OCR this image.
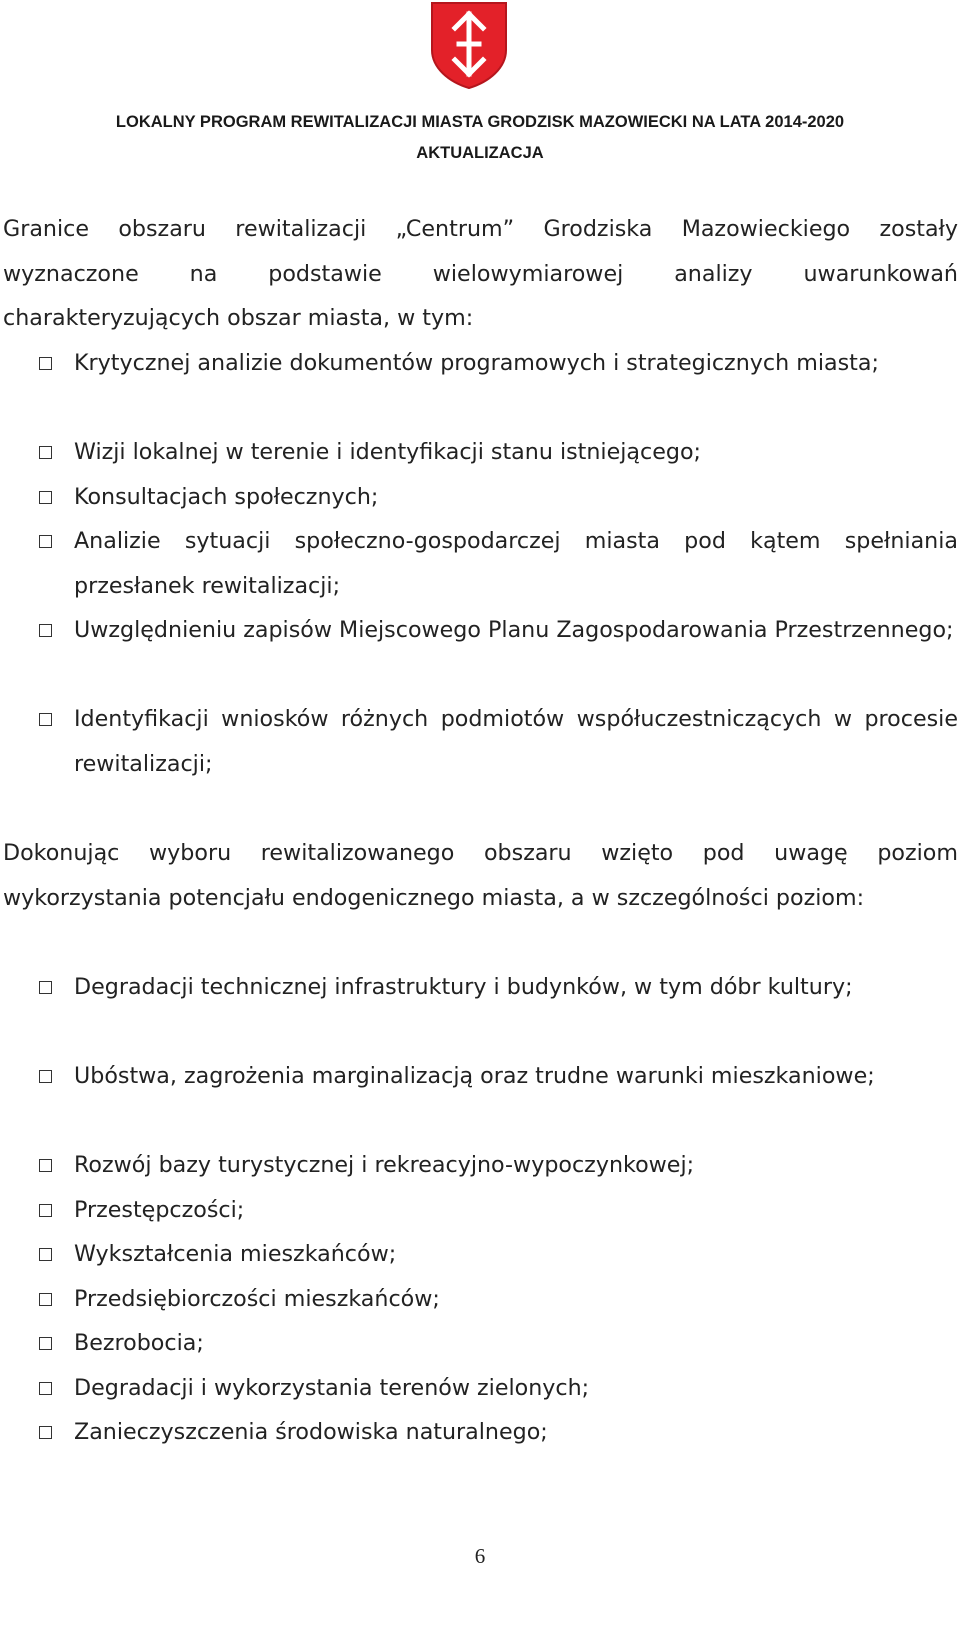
LOKALNY PROGRAM REWITALIZACJI MIASTA GRODZISK MAZOWIECKI NA LATA 2014-2020
AKTUALIZACJA

Granice obszaru rewitalizacji „Centrum” Grodziska Mazowieckiego zostały wyznaczone na podstawie wielowymiarowej analizy uwarunkowań charakteryzujących obszar miasta, w tym:

Krytycznej analizie dokumentów programowych i strategicznych miasta;
Wizji lokalnej w terenie i identyfikacji stanu istniejącego;
Konsultacjach społecznych;
Analizie sytuacji społeczno-gospodarczej miasta pod kątem spełniania przesłanek rewitalizacji;
Uwzględnieniu zapisów Miejscowego Planu Zagospodarowania Przestrzennego;
Identyfikacji wniosków różnych podmiotów współuczestniczących w procesie rewitalizacji;

Dokonując wyboru rewitalizowanego obszaru wzięto pod uwagę poziom wykorzystania potencjału endogenicznego miasta, a w szczególności poziom:

Degradacji technicznej infrastruktury i budynków, w tym dóbr kultury;
Ubóstwa, zagrożenia marginalizacją oraz trudne warunki mieszkaniowe;
Rozwój bazy turystycznej i rekreacyjno-wypoczynkowej;
Przestępczości;
Wykształcenia mieszkańców;
Przedsiębiorczości mieszkańców;
Bezrobocia;
Degradacji i wykorzystania terenów zielonych;
Zanieczyszczenia środowiska naturalnego;
6
